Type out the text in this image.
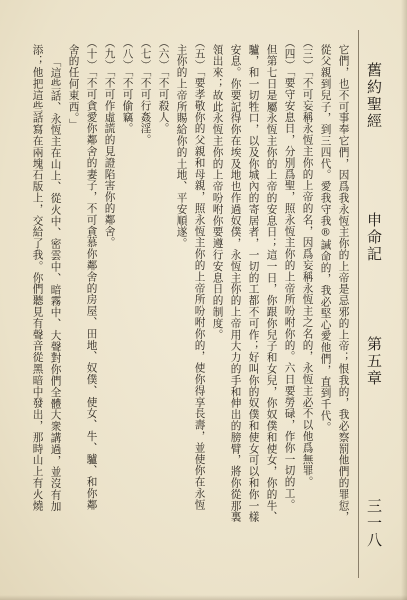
舊約聖經
申命記
第五章
三一八
它們，也不可事奉它們，因爲我永恆主你的上帝是忌邪的上帝；恨我的，我必察罰他們的罪愆，
從父親到兒子，到三四代。愛我守我®誡命的，我必堅心愛他們，直到千代。
（三）「不可妄稱永恆主你的上帝的名，因爲妄稱永恆主之名的，永恆主必不以他爲無罪。
（四）「要守安息日，分別爲聖，照永恆主你的上帝所吩咐你的。六日要勞碌，作你一切的工。
但第七日是屬永恆主你的上帝的安息日；這一日，你跟你兒子和女兒，你奴僕和使女，你的牛、
驢，和一切牲口，以及你城內的寄居者，一切的工都不可作；好叫你的奴僕和使女可以和你一樣
安息。你要記得你在埃及地也作過奴僕，永恆主你的上帝用大力的手和伸出的膀臂，將你從那裏
領出來；故此永恆主你的上帝吩咐你要遵行安息日的制度。
（五）「要孝敬你的父親和母親，照永恆主你的上帝所吩咐你的，使你得享長壽，並使你在永恆
主你的上帝所賜給你的土地、平安順遂。
（六）「不可殺人。
（七）「不可行姦淫。
（八）「不可偷竊。
（九）「不可作虛謊的見證陷害你的鄰舍。
（十）「不可貪愛你鄰舍的妻子，不可貪慕你鄰舍的房屋、田地、奴僕、使女、牛、驢、和你鄰
舍的任何東西。」
「這些話、永恆主在山上、從火中、密雲中、暗霧中、大聲對你們全體大衆講過，並沒有加
添；他把這些話寫在兩塊石版上，交給了我。你們聽見有聲音從黑暗中發出，那時山上有火燒
